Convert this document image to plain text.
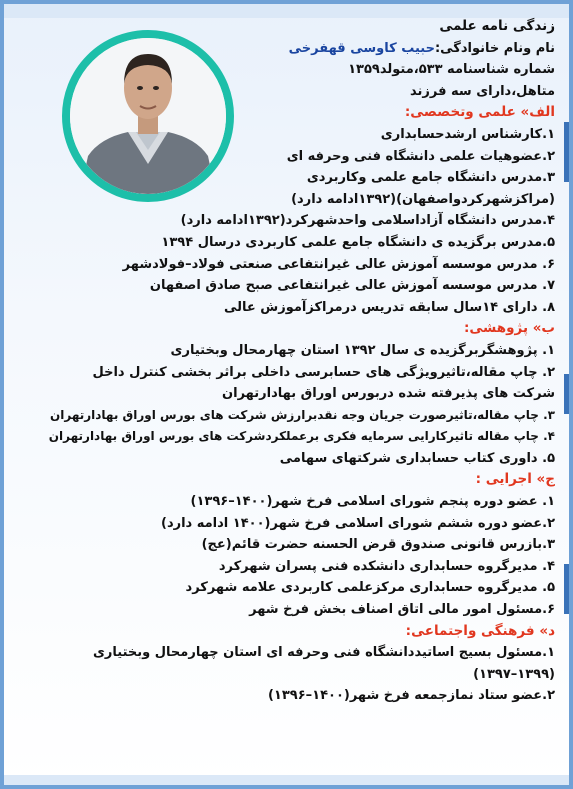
زندگی نامه علمی
نام ونام خانوادگی:حبیب کاوسی قهفرخی
شماره شناسنامه ۵۳۳،متولد۱۳۵۹
متاهل،دارای سه فرزند
الف» علمی وتخصصی:
۱.کارشناس ارشدحسابداری
۲.عضوهیات علمی دانشگاه فنی وحرفه ای
۳.مدرس دانشگاه جامع علمی وکاربردی
(مراکزشهرکردواصفهان)(۱۳۹۲ادامه دارد)
۴.مدرس دانشگاه آزاداسلامی واحدشهرکرد(۱۳۹۲ادامه دارد)
۵.مدرس برگزیده ی دانشگاه جامع علمی کاربردی درسال ۱۳۹۴
۶. مدرس موسسه آموزش عالی غیرانتفاعی صنعتی فولاد–فولادشهر
۷. مدرس موسسه آموزش عالی غیرانتفاعی صبح صادق اصفهان
۸. دارای ۱۴سال سابقه تدریس درمراکزآموزش عالی
ب» پژوهشی:
۱. پژوهشگربرگزیده ی سال ۱۳۹۲ استان چهارمحال وبختیاری
۲. چاپ مقاله،تاثیرویژگی های حسابرسی داخلی براثر بخشی کنترل داخل
شرکت های پذیرفته شده دربورس اوراق بهادارتهران
۳. چاپ مقاله،تاثیرصورت جریان وجه نقدبرارزش شرکت های بورس اوراق بهادارتهران
۴. چاپ مقاله تاثیرکارایی سرمایه فکری برعملکردشرکت های بورس اوراق بهادارتهران
۵. داوری کتاب حسابداری شرکتهای سهامی
ج» اجرایی :
۱. عضو دوره پنجم شورای اسلامی فرخ شهر(۱۴۰۰–۱۳۹۶)
۲.عضو دوره ششم شورای اسلامی فرخ شهر(۱۴۰۰ ادامه دارد)
۳.بازرس قانونی صندوق قرض الحسنه حضرت قائم(عج)
۴. مدیرگروه حسابداری دانشکده فنی پسران شهرکرد
۵. مدیرگروه حسابداری مرکزعلمی کاربردی علامه شهرکرد
۶.مسئول امور مالی اتاق اصناف بخش فرخ شهر
د» فرهنگی واجتماعی:
۱.مسئول بسیج اساتیددانشگاه فنی وحرفه ای استان چهارمحال وبختیاری
(۱۳۹۹–۱۳۹۷)
۲.عضو ستاد نمازجمعه فرخ شهر(۱۴۰۰–۱۳۹۶)
